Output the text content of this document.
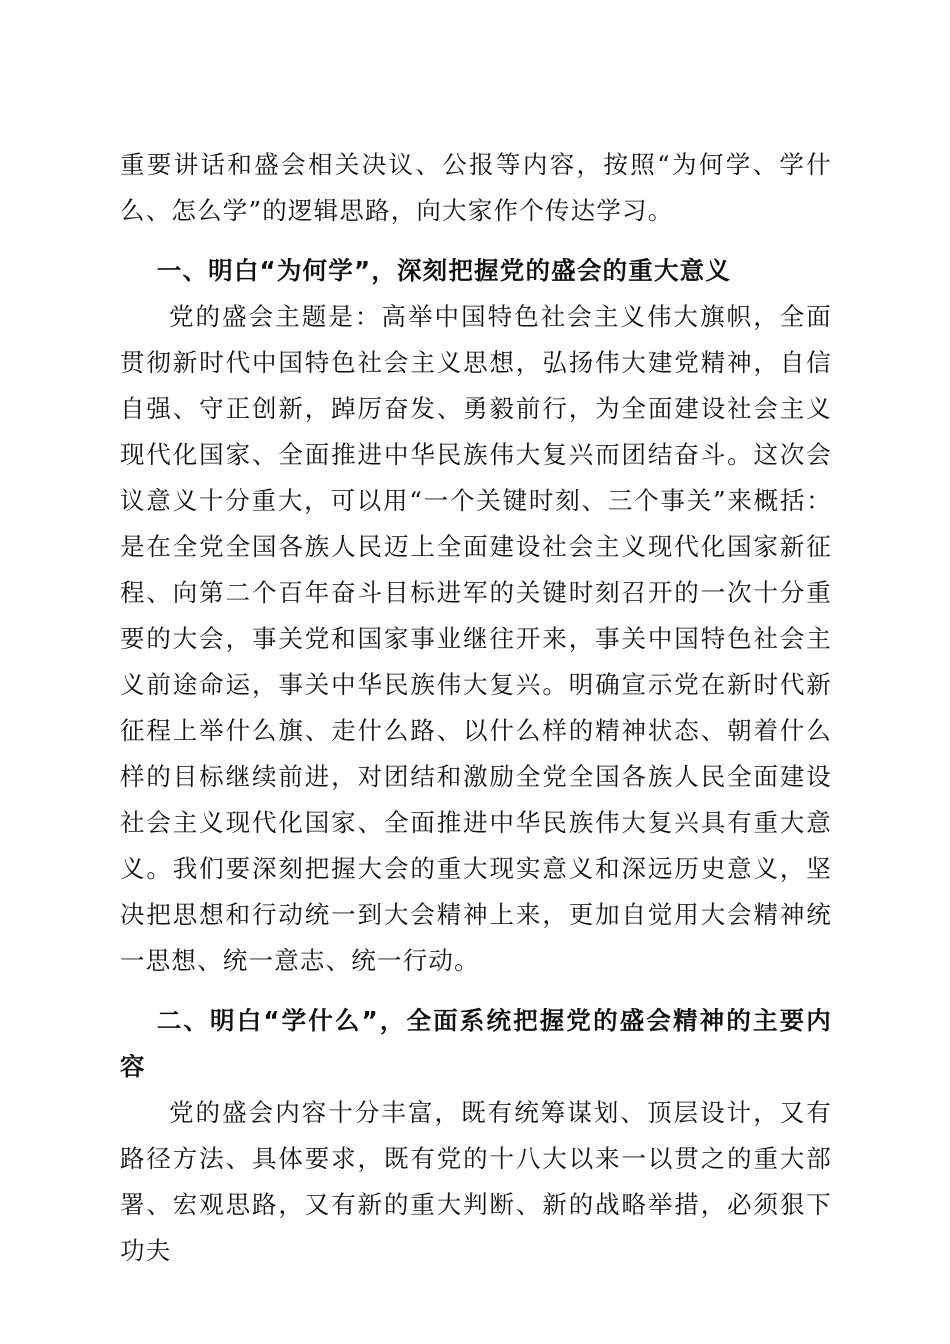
重要讲话和盛会相关决议、公报等内容，按照“为何学、学什么、怎么学”的逻辑思路，向大家作个传达学习。

一、明白“为何学”，深刻把握党的盛会的重大意义

党的盛会主题是：高举中国特色社会主义伟大旗帜，全面贯彻新时代中国特色社会主义思想，弘扬伟大建党精神，自信自强、守正创新，踔厉奋发、勇毅前行，为全面建设社会主义现代化国家、全面推进中华民族伟大复兴而团结奋斗。这次会议意义十分重大，可以用“一个关键时刻、三个事关”来概括：是在全党全国各族人民迈上全面建设社会主义现代化国家新征程、向第二个百年奋斗目标进军的关键时刻召开的一次十分重要的大会，事关党和国家事业继往开来，事关中国特色社会主义前途命运，事关中华民族伟大复兴。明确宣示党在新时代新征程上举什么旗、走什么路、以什么样的精神状态、朝着什么样的目标继续前进，对团结和激励全党全国各族人民全面建设社会主义现代化国家、全面推进中华民族伟大复兴具有重大意义。我们要深刻把握大会的重大现实意义和深远历史意义，坚决把思想和行动统一到大会精神上来，更加自觉用大会精神统一思想、统一意志、统一行动。

二、明白“学什么”，全面系统把握党的盛会精神的主要内容

党的盛会内容十分丰富，既有统筹谋划、顶层设计，又有路径方法、具体要求，既有党的十八大以来一以贯之的重大部署、宏观思路，又有新的重大判断、新的战略举措，必须狠下功夫
